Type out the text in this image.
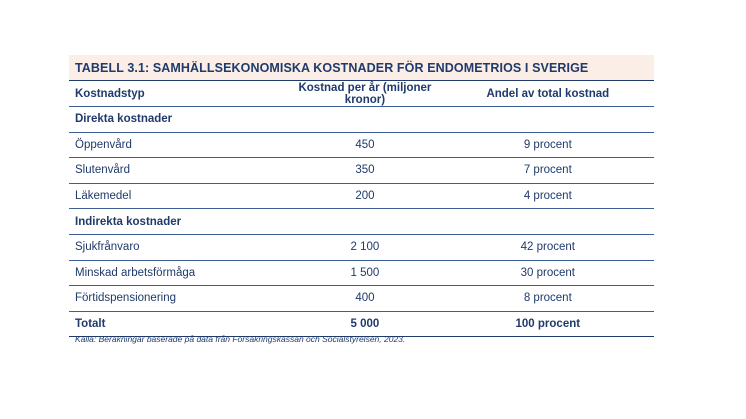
TABELL 3.1: SAMHÄLLSEKONOMISKA KOSTNADER FÖR ENDOMETRIOS I SVERIGE
Kostnadstyp	Kostnad per år (miljoner kronor)	Andel av total kostnad
Direkta kostnader		
Öppenvård	450	9 procent
Slutenvård	350	7 procent
Läkemedel	200	4 procent
Indirekta kostnader		
Sjukfrånvaro	2 100	42 procent
Minskad arbetsförmåga	1 500	30 procent
Förtidspensionering	400	8 procent
Totalt	5 000	100 procent
Källa: Beräkningar baserade på data från Försäkringskassan och Socialstyrelsen, 2023.
